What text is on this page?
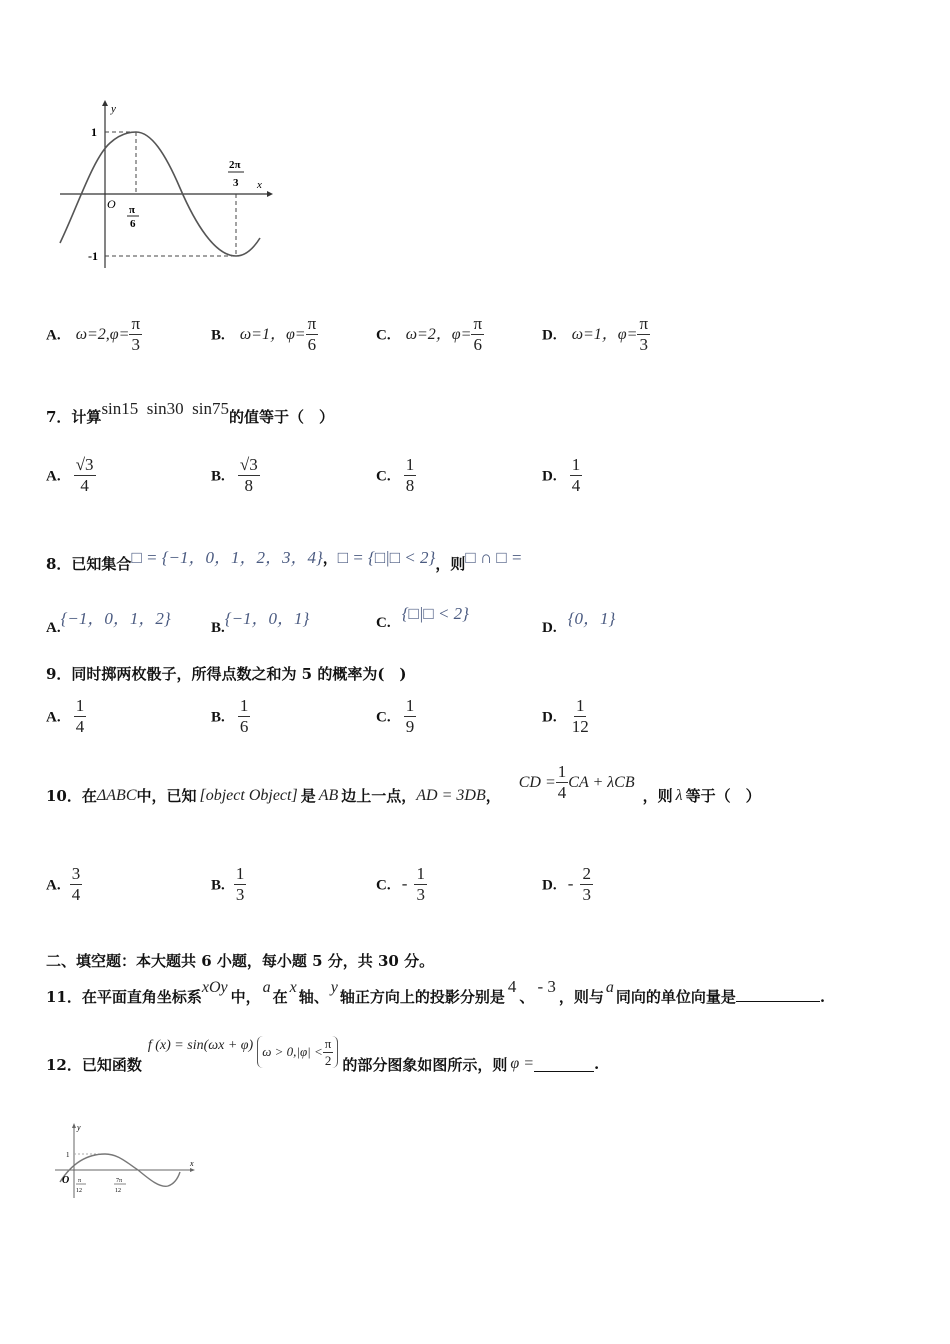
y
x
O
1
-1
π
6
2π
3
A. $\omega=2,\varphi= \frac{\pi}{3}$	B. ω=1，$\varphi= \frac{\pi}{6}$	C. ω=2，$\varphi= \frac{\pi}{6}$	D. ω=1，$\varphi= \frac{\pi}{3}$
7．计算sin15  sin30  sin75的值等于（　）
A. $\frac{√3}{4}$	B. $\frac{√3}{8}$	C. $\frac{1}{8}$	D. $\frac{1}{4}$
8．已知集合□ = {−1，0，1，2，3，4}，□ = {□|□ < 2}，则□ ∩ □ =
A.{−1，0，1，2}	B.{−1，0，1}	C. {□|□ < 2}
D. {0，1}
9．同时掷两枚骰子，所得点数之和为 5 的概率为(　)
A. $\frac{1}{4}$	B. $\frac{1}{6}$	C. $\frac{1}{9}$	D. $\frac{1}{12}$
10．在 ΔABC 中，已知 [object Object] 是 AB 边上一点， AD = 3DB ，
CD = $\frac{1}{4}$ CA + λCB
，则 λ 等于（　）
A. $\frac{3}{4}$	B. $\frac{1}{3}$	C. - $\frac{1}{3}$	D. - $\frac{2}{3}$
二、填空题：本大题共 6 小题，每小题 5 分，共 30 分。
11．在平面直角坐标系xOy中，a在x轴、y轴正方向上的投影分别是4、- 3，则与a同向的单位向量是	.
12．已知函数
f (x) = sin(ωx + φ) $\omega > 0,|\varphi| < \frac{\pi}{2}$ 的部分图象如图所示，则 φ =	.
y
x
O
1
π
12
7π
12
